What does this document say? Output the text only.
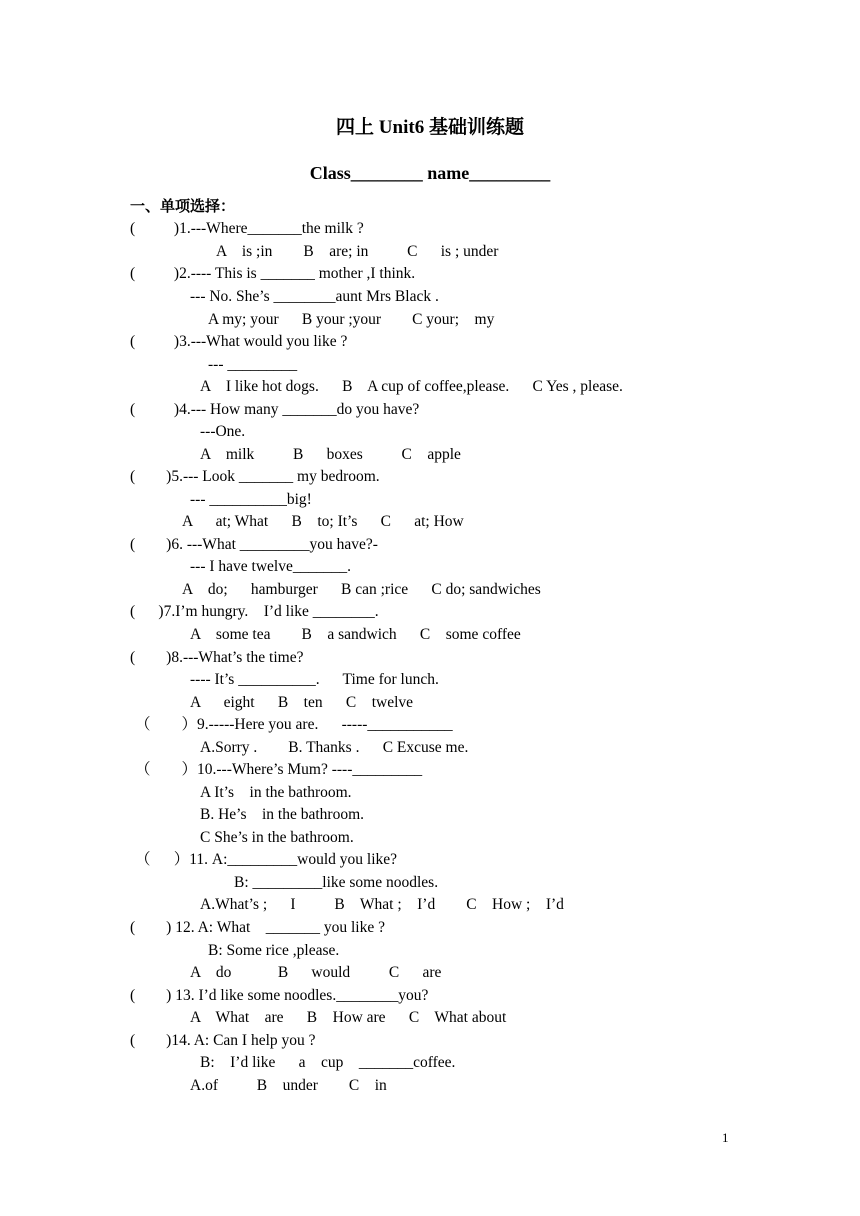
四上 Unit6 基础训练题
Class________ name_________
一、单项选择：
(          )1.---Where_______the milk ?
A    is ;in        B    are; in          C      is ; under
(          )2.---- This is _______ mother ,I think.
--- No. She’s ________aunt Mrs Black .
A my; your      B your ;your        C your;    my
(          )3.---What would you like ?
--- _________
A    I like hot dogs.      B    A cup of coffee,please.      C Yes , please.
(          )4.--- How many _______do you have?
---One.
A    milk          B      boxes          C    apple
(        )5.--- Look _______ my bedroom.
--- __________big!
A      at; What      B    to; It’s      C      at; How
(        )6. ---What _________you have?-
--- I have twelve_______.
A    do;      hamburger      B can ;rice      C do; sandwiches
(      )7.I’m hungry.    I’d like ________.
A    some tea        B    a sandwich      C    some coffee
(        )8.---What’s the time?
---- It’s __________.      Time for lunch.
A      eight      B    ten      C    twelve
（        ）9.-----Here you are.      -----___________
A.Sorry .        B. Thanks .      C Excuse me.
（        ）10.---Where’s Mum? ----_________
A It’s    in the bathroom.
B. He’s    in the bathroom.
C She’s in the bathroom.
（      ）11. A:_________would you like?
B: _________like some noodles.
A.What’s ;      I          B    What ;    I’d        C    How ;    I’d
(        ) 12. A: What    _______ you like ?
B: Some rice ,please.
A    do            B      would          C      are
(        ) 13. I’d like some noodles.________you?
A    What    are      B    How are      C    What about
(        )14. A: Can I help you ?
B:    I’d like      a    cup    _______coffee.
A.of          B    under        C    in
1
